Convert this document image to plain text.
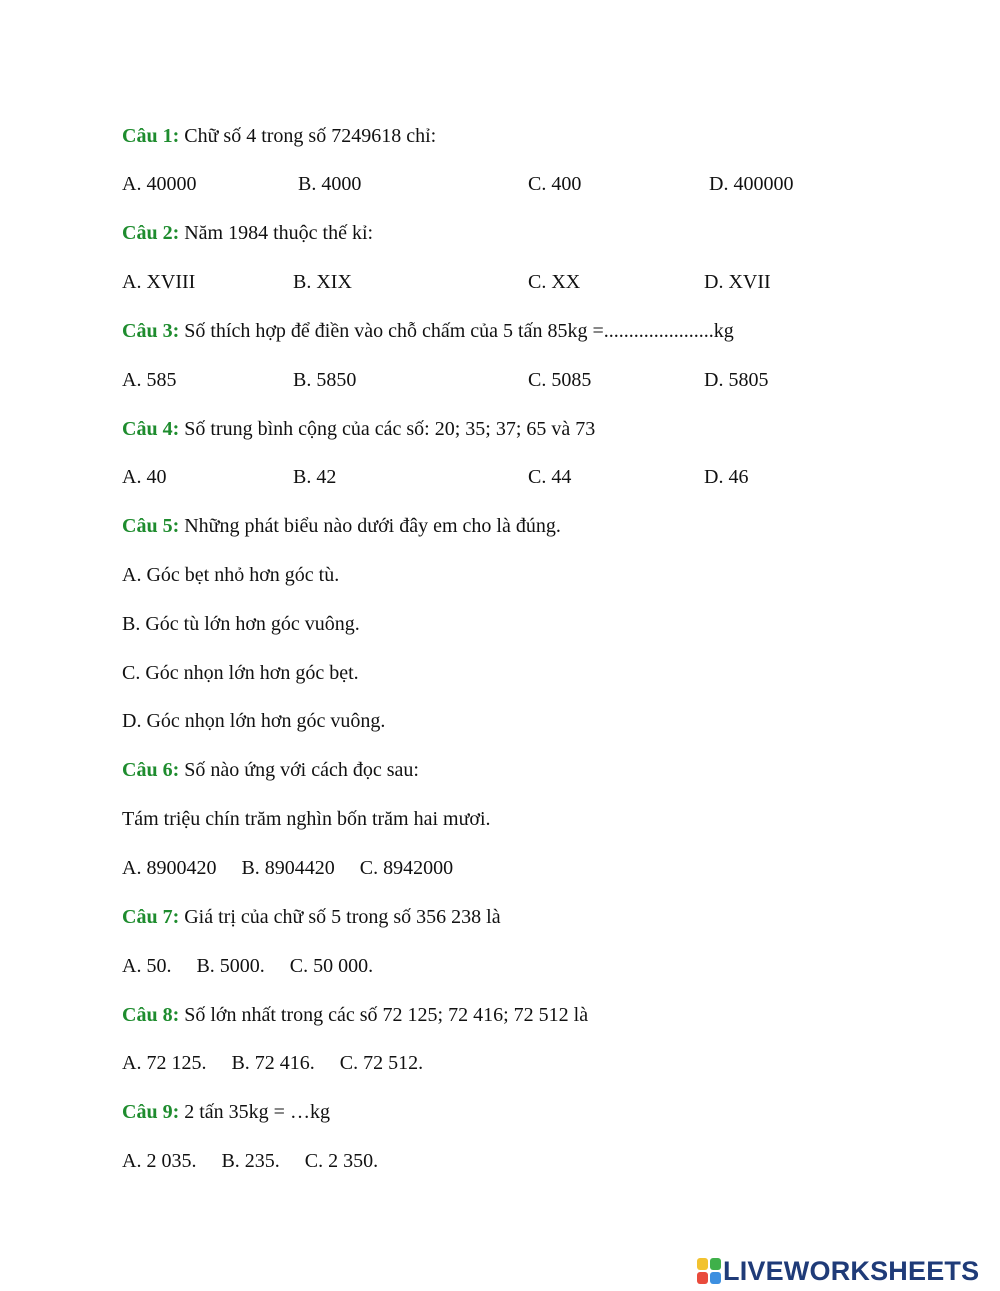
Câu 1: Chữ số 4 trong số 7249618 chỉ:
A. 40000	B. 4000	C. 400	D. 400000
Câu 2: Năm 1984 thuộc thế kỉ:
A. XVIII	B. XIX	C. XX	D. XVII
Câu 3: Số thích hợp để điền vào chỗ chấm của 5 tấn 85kg =......................kg
A. 585	B. 5850	C. 5085	D. 5805
Câu 4: Số trung bình cộng của các số: 20; 35; 37; 65 và 73
A. 40	B. 42	C. 44	D. 46
Câu 5: Những phát biểu nào dưới đây em cho là đúng.
A. Góc bẹt nhỏ hơn góc tù.
B. Góc tù lớn hơn góc vuông.
C. Góc nhọn lớn hơn góc bẹt.
D. Góc nhọn lớn hơn góc vuông.
Câu 6: Số nào ứng với cách đọc sau:
Tám triệu chín trăm nghìn bốn trăm hai mươi.
A. 8900420     B. 8904420     C. 8942000
Câu 7: Giá trị của chữ số 5 trong số 356 238 là
A. 50.     B. 5000.     C. 50 000.
Câu 8: Số lớn nhất trong các số 72 125; 72 416; 72 512 là
A. 72 125.     B. 72 416.     C. 72 512.
Câu 9: 2 tấn 35kg = …kg
A. 2 035.     B. 235.     C. 2 350.
LIVEWORKSHEETS
